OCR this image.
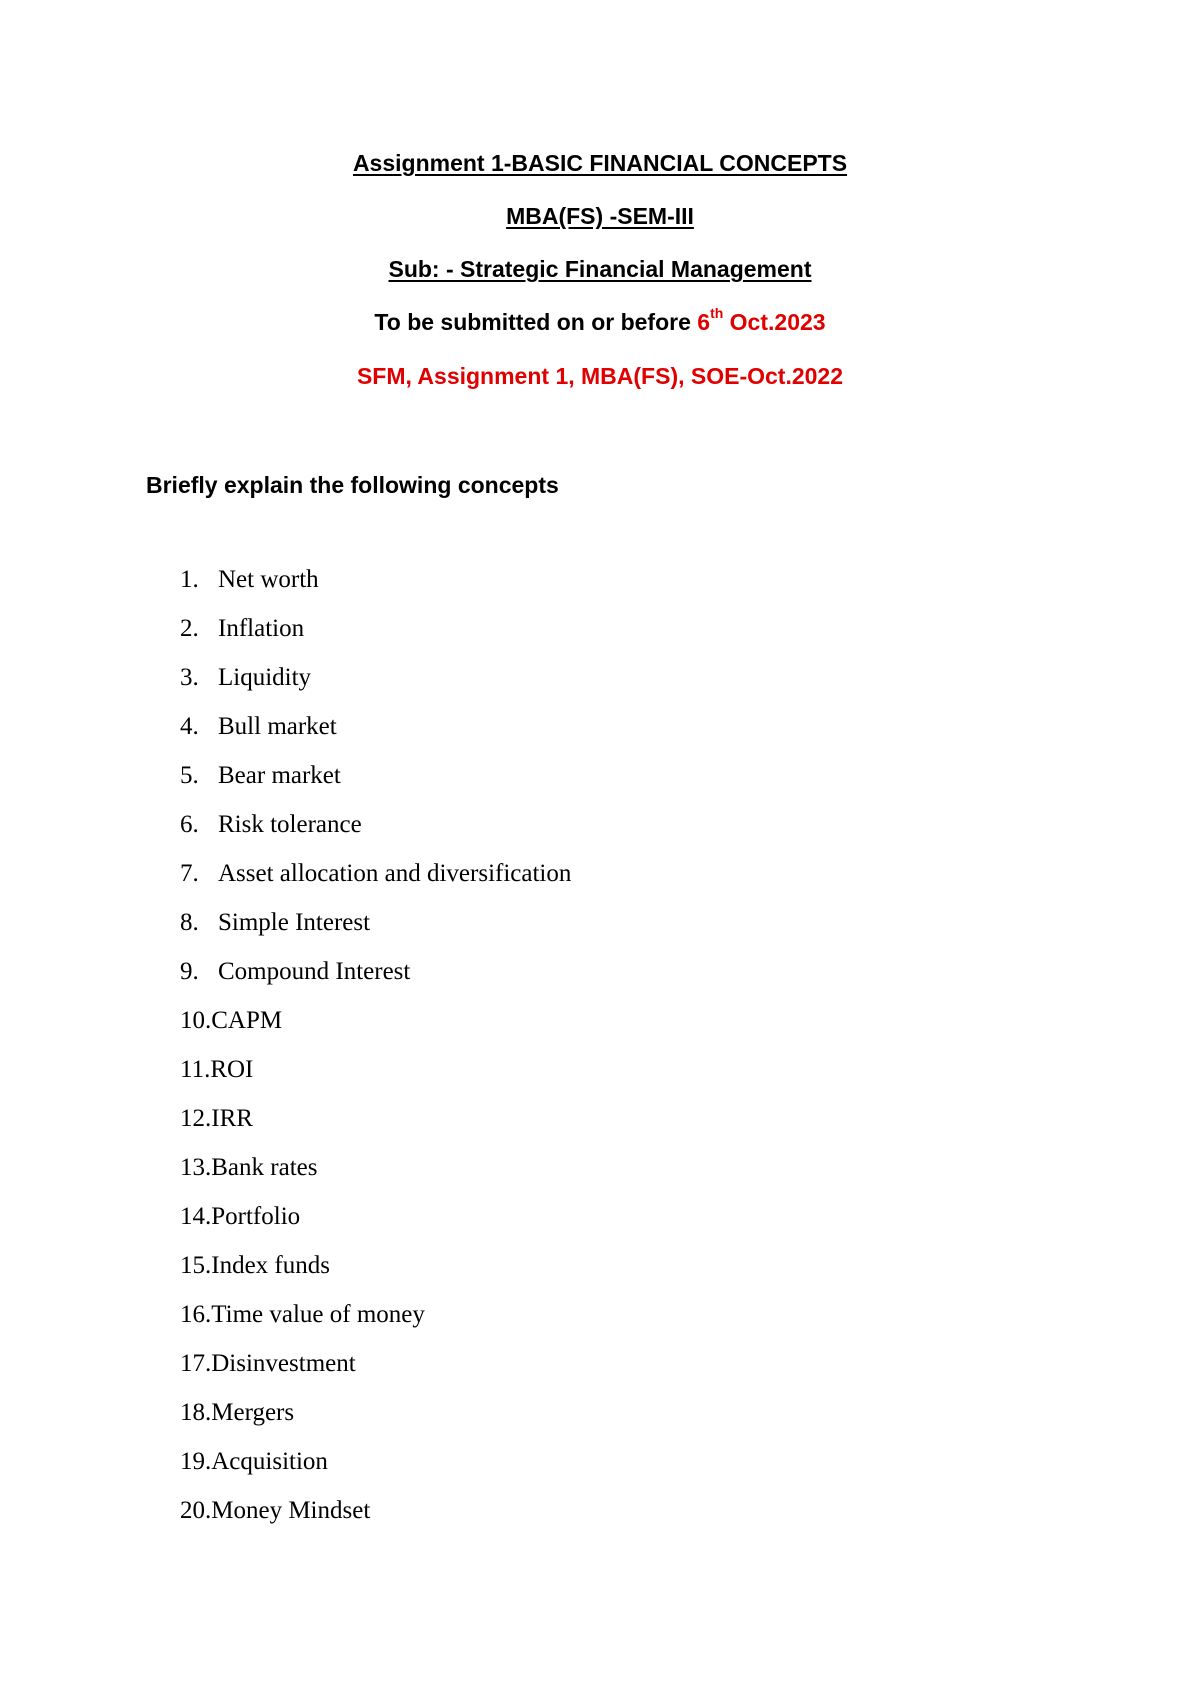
Assignment 1-BASIC FINANCIAL CONCEPTS
MBA(FS) -SEM-III
Sub: - Strategic Financial Management
To be submitted on or before 6th Oct.2023
SFM, Assignment 1, MBA(FS), SOE-Oct.2022
Briefly explain the following concepts
1. Net worth
2. Inflation
3. Liquidity
4. Bull market
5. Bear market
6. Risk tolerance
7. Asset allocation and diversification
8. Simple Interest
9. Compound Interest
10. CAPM
11. ROI
12. IRR
13. Bank rates
14. Portfolio
15. Index funds
16. Time value of money
17. Disinvestment
18. Mergers
19. Acquisition
20. Money Mindset
